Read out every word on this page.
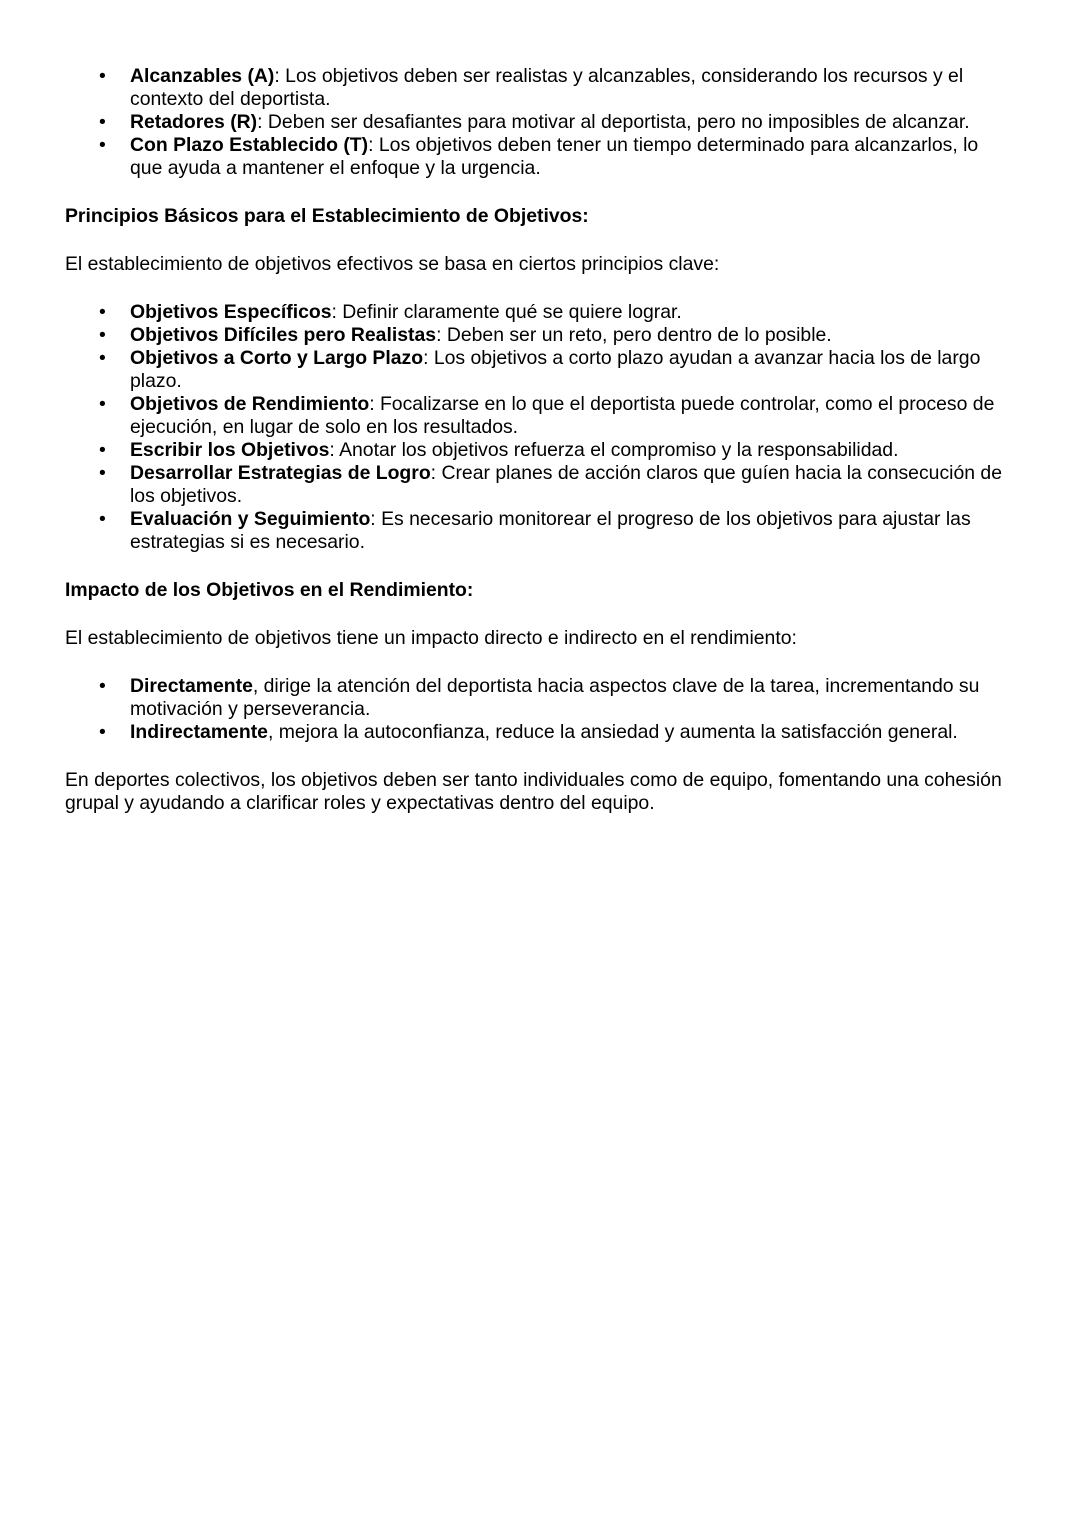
• Alcanzables (A): Los objetivos deben ser realistas y alcanzables, considerando los recursos y el contexto del deportista.
• Retadores (R): Deben ser desafiantes para motivar al deportista, pero no imposibles de alcanzar.
• Con Plazo Establecido (T): Los objetivos deben tener un tiempo determinado para alcanzarlos, lo que ayuda a mantener el enfoque y la urgencia.

Principios Básicos para el Establecimiento de Objetivos:

El establecimiento de objetivos efectivos se basa en ciertos principios clave:

• Objetivos Específicos: Definir claramente qué se quiere lograr.
• Objetivos Difíciles pero Realistas: Deben ser un reto, pero dentro de lo posible.
• Objetivos a Corto y Largo Plazo: Los objetivos a corto plazo ayudan a avanzar hacia los de largo plazo.
• Objetivos de Rendimiento: Focalizarse en lo que el deportista puede controlar, como el proceso de ejecución, en lugar de solo en los resultados.
• Escribir los Objetivos: Anotar los objetivos refuerza el compromiso y la responsabilidad.
• Desarrollar Estrategias de Logro: Crear planes de acción claros que guíen hacia la consecución de los objetivos.
• Evaluación y Seguimiento: Es necesario monitorear el progreso de los objetivos para ajustar las estrategias si es necesario.

Impacto de los Objetivos en el Rendimiento:

El establecimiento de objetivos tiene un impacto directo e indirecto en el rendimiento:

• Directamente, dirige la atención del deportista hacia aspectos clave de la tarea, incrementando su motivación y perseverancia.
• Indirectamente, mejora la autoconfianza, reduce la ansiedad y aumenta la satisfacción general.

En deportes colectivos, los objetivos deben ser tanto individuales como de equipo, fomentando una cohesión grupal y ayudando a clarificar roles y expectativas dentro del equipo.
